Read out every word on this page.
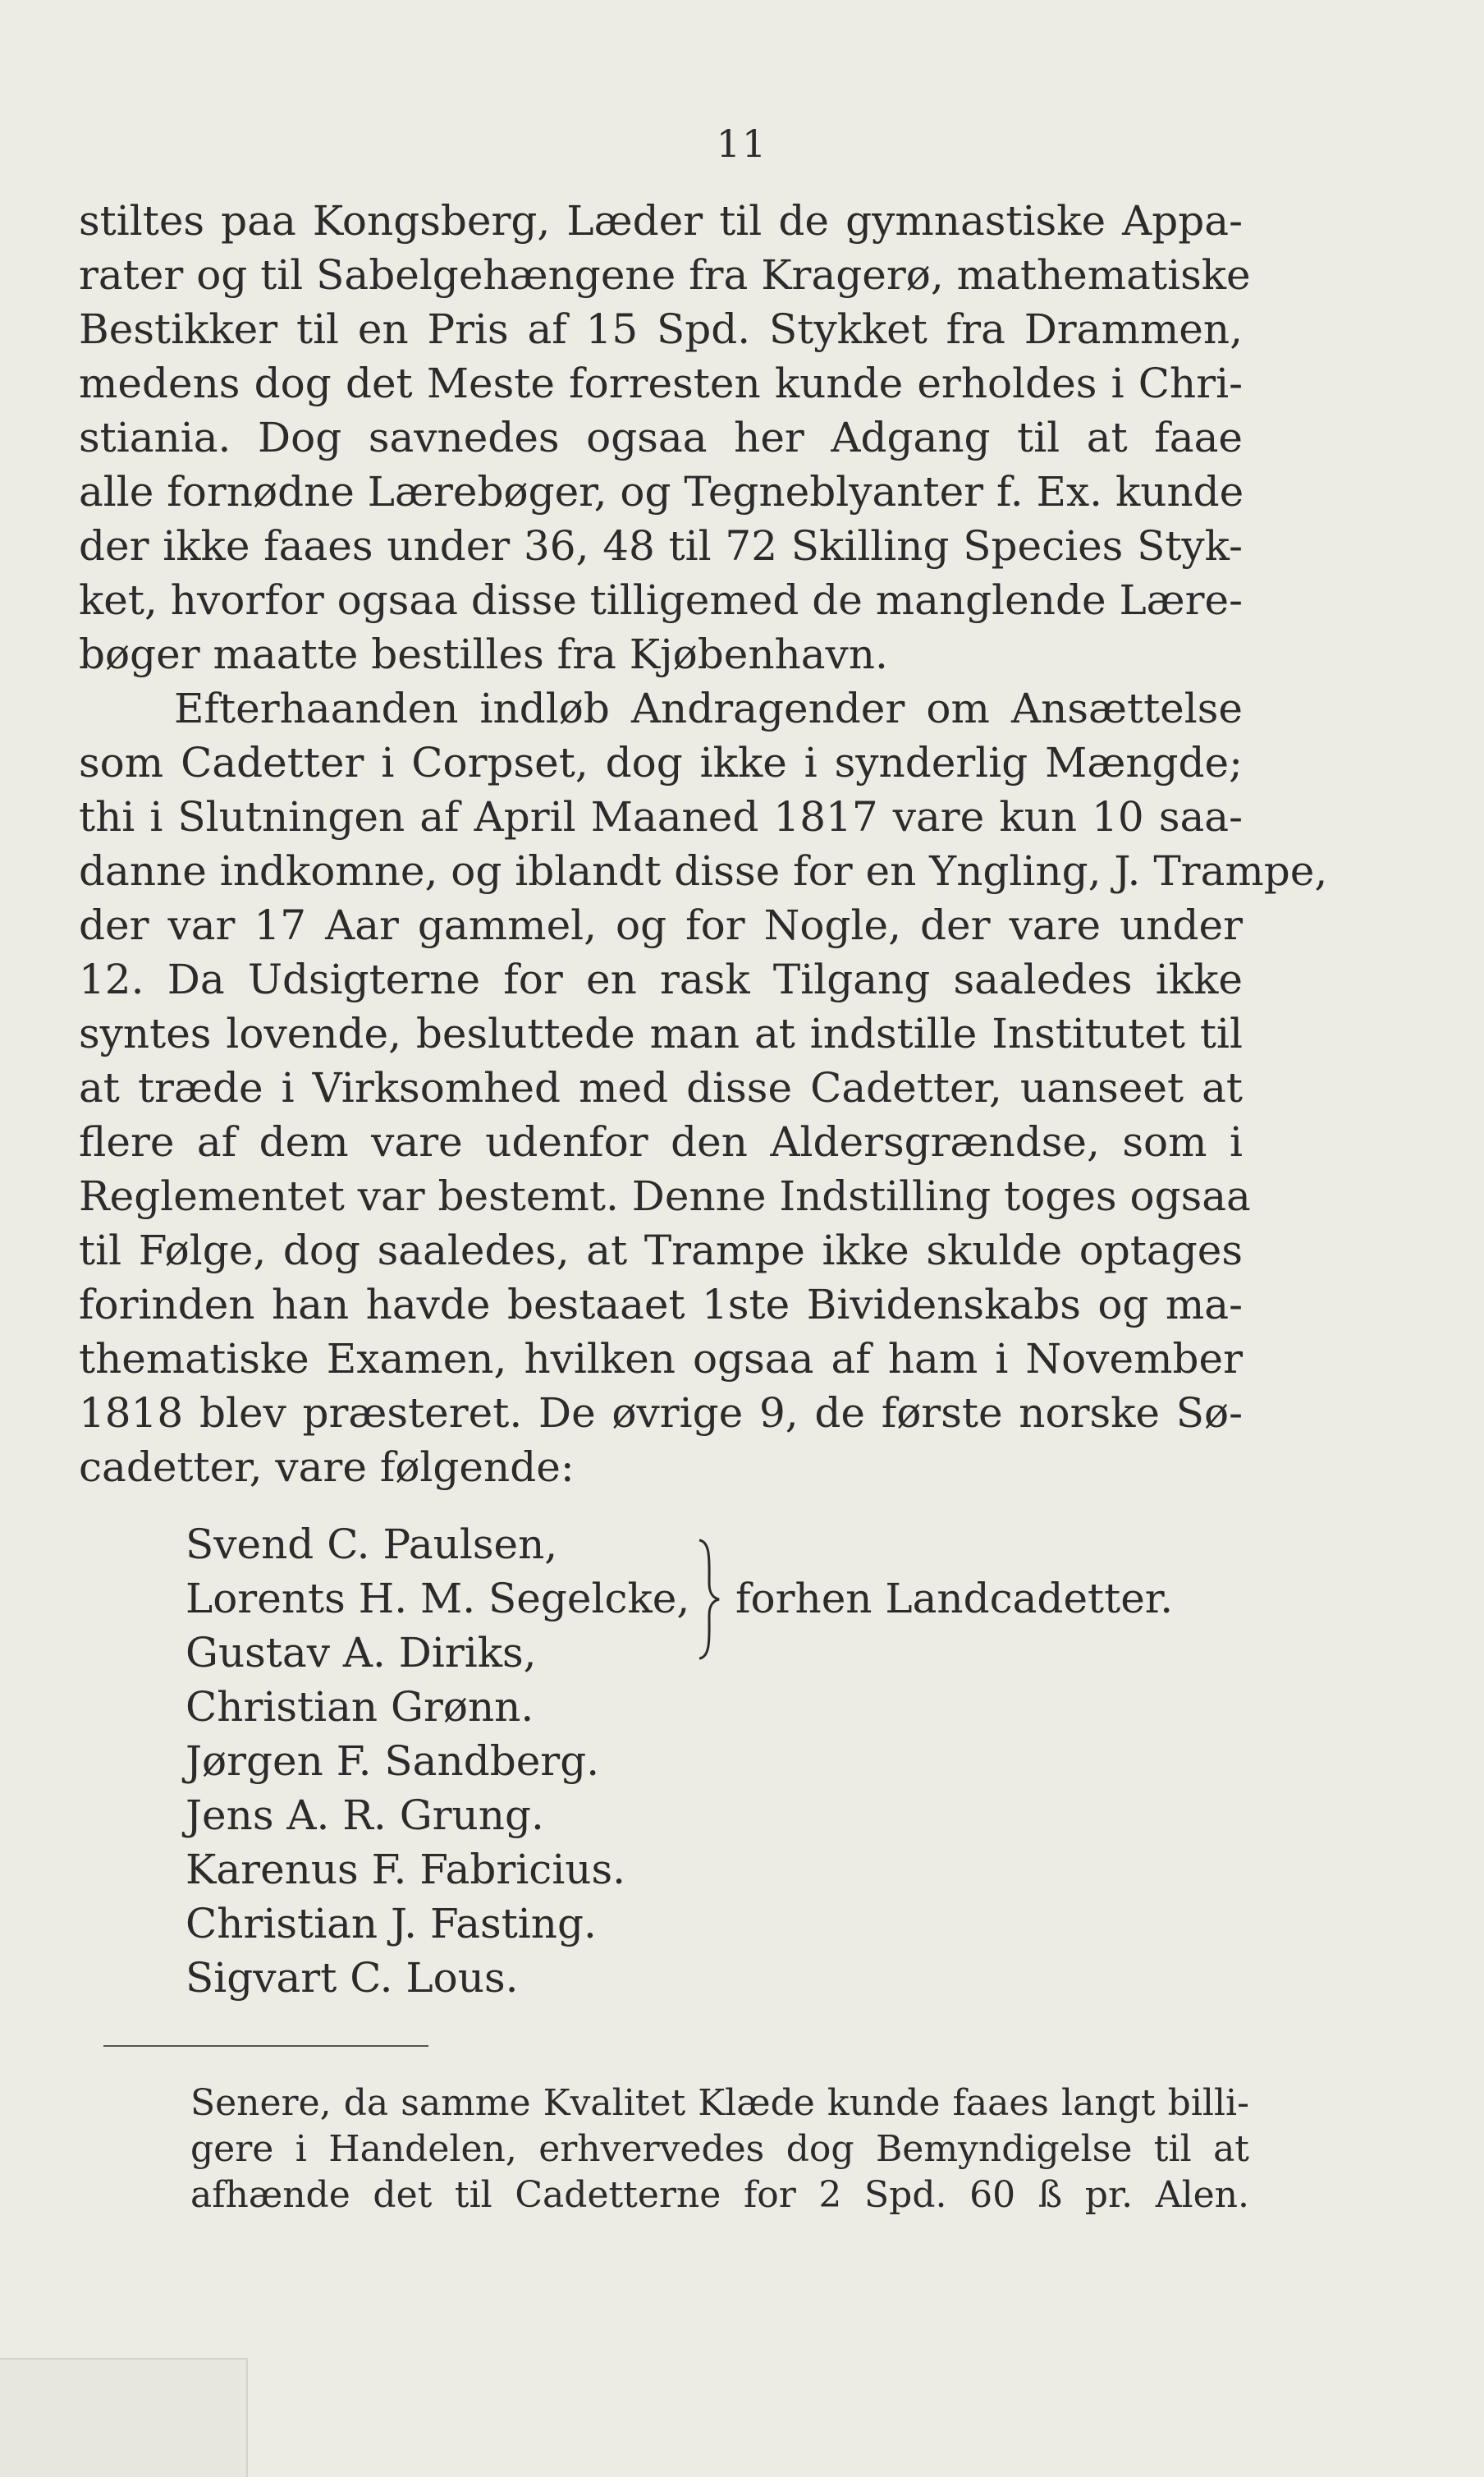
11

stiltes paa Kongsberg, Læder til de gymnastiske Appa-
rater og til Sabelgehængene fra Kragerø, mathematiske
Bestikker til en Pris af 15 Spd. Stykket fra Drammen,
medens dog det Meste forresten kunde erholdes i Chri-
stiania. Dog savnedes ogsaa her Adgang til at faae
alle fornødne Lærebøger, og Tegneblyanter f. Ex. kunde
der ikke faaes under 36, 48 til 72 Skilling Species Styk-
ket, hvorfor ogsaa disse tilligemed de manglende Lære-
bøger maatte bestilles fra Kjøbenhavn.

Efterhaanden indløb Andragender om Ansættelse
som Cadetter i Corpset, dog ikke i synderlig Mængde;
thi i Slutningen af April Maaned 1817 vare kun 10 saa-
danne indkomne, og iblandt disse for en Yngling, J. Trampe,
der var 17 Aar gammel, og for Nogle, der vare under
12. Da Udsigterne for en rask Tilgang saaledes ikke
syntes lovende, besluttede man at indstille Institutet til
at træde i Virksomhed med disse Cadetter, uanseet at
flere af dem vare udenfor den Aldersgrændse, som i
Reglementet var bestemt. Denne Indstilling toges ogsaa
til Følge, dog saaledes, at Trampe ikke skulde optages
forinden han havde bestaaet 1ste Bividenskabs og ma-
thematiske Examen, hvilken ogsaa af ham i November
1818 blev præsteret. De øvrige 9, de første norske Sø-
cadetter, vare følgende:

Svend C. Paulsen,
Lorents H. M. Segelcke,
Gustav A. Diriks,
Christian Grønn.
Jørgen F. Sandberg.
Jens A. R. Grung.
Karenus F. Fabricius.
Christian J. Fasting.
Sigvart C. Lous.
forhen Landcadetter.
Senere, da samme Kvalitet Klæde kunde faaes langt billi-
gere i Handelen, erhvervedes dog Bemyndigelse til at
afhænde det til Cadetterne for 2 Spd. 60 ß pr. Alen.
